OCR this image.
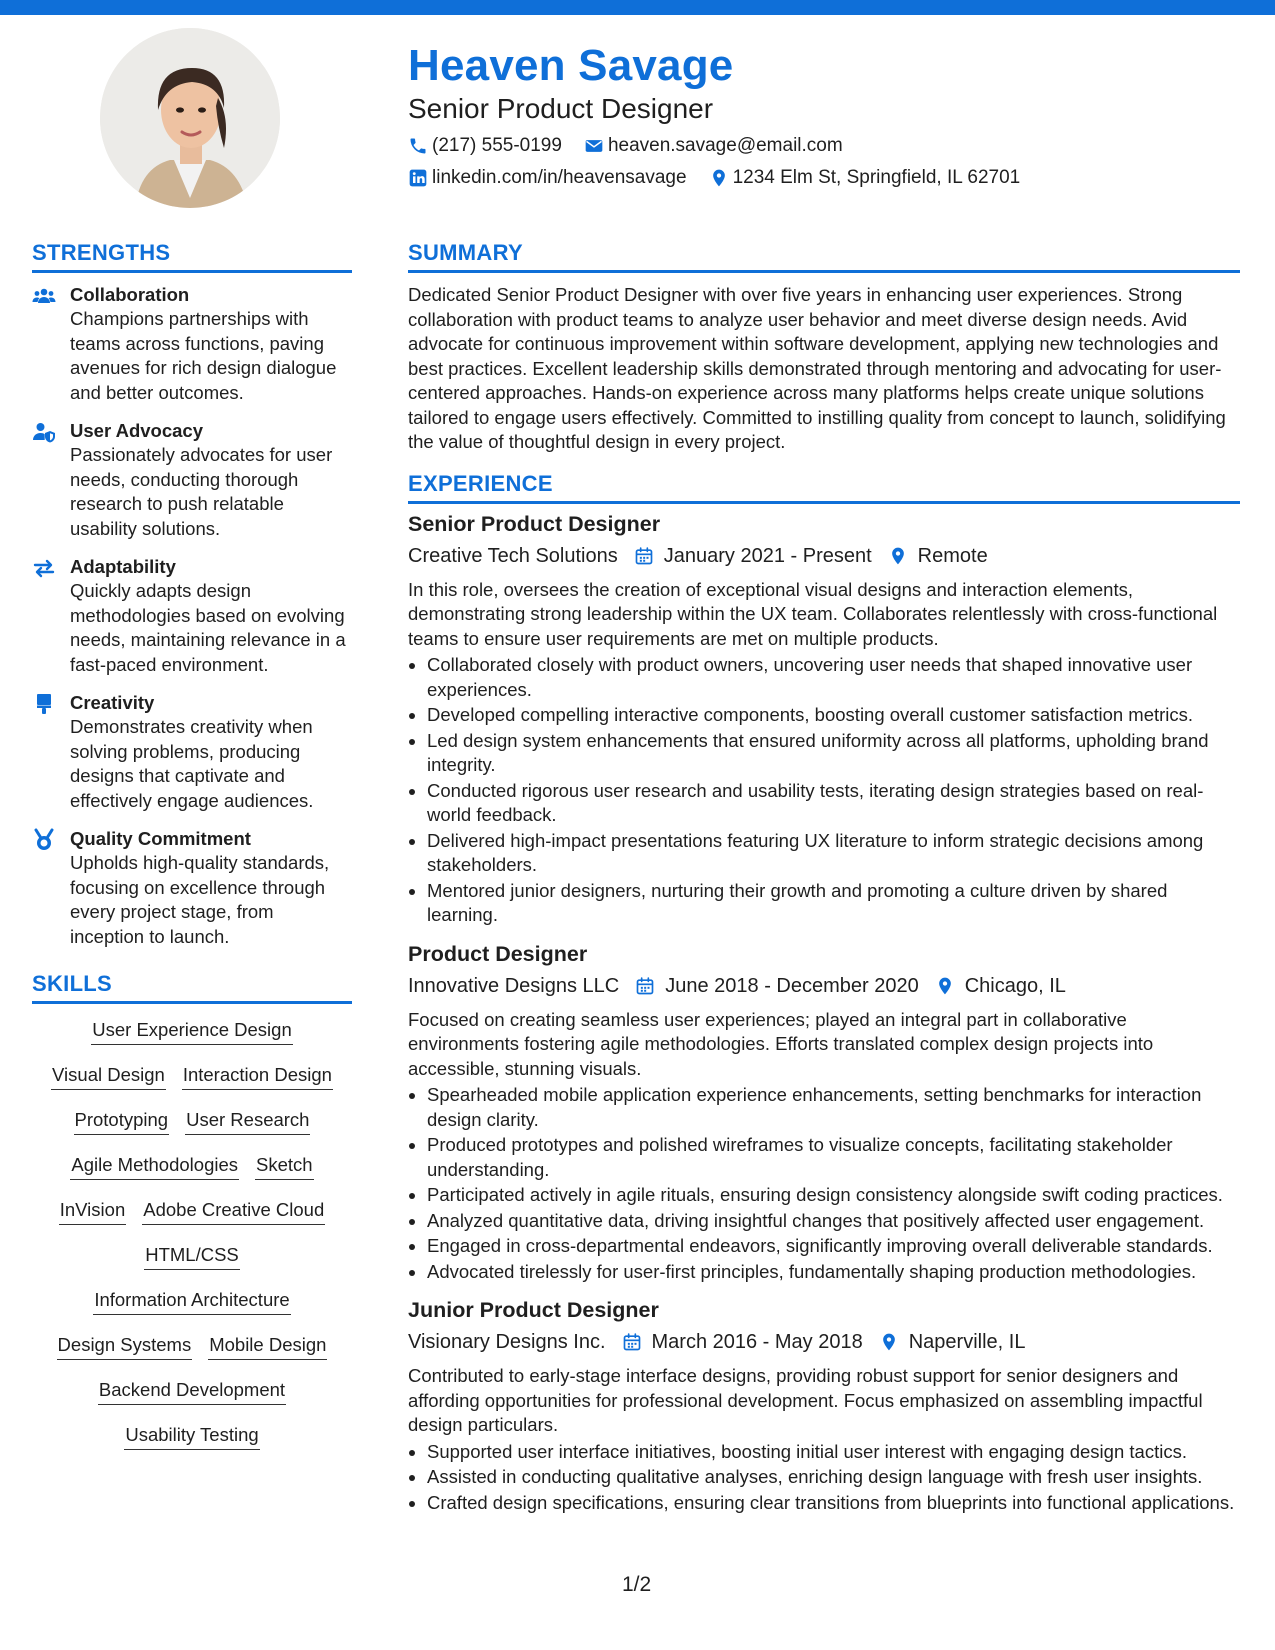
Heaven Savage
Senior Product Designer
(217) 555-0199 heaven.savage@email.com
linkedin.com/in/heavensavage 1234 Elm St, Springfield, IL 62701
STRENGTHS
Collaboration
Champions partnerships with teams across functions, paving avenues for rich design dialogue and better outcomes.
User Advocacy
Passionately advocates for user needs, conducting thorough research to push relatable usability solutions.
Adaptability
Quickly adapts design methodologies based on evolving needs, maintaining relevance in a fast-paced environment.
Creativity
Demonstrates creativity when solving problems, producing designs that captivate and effectively engage audiences.
Quality Commitment
Upholds high-quality standards, focusing on excellence through every project stage, from inception to launch.
SKILLS
User Experience Design
Visual Design Interaction Design
Prototyping User Research
Agile Methodologies Sketch
InVision Adobe Creative Cloud
HTML/CSS
Information Architecture
Design Systems Mobile Design
Backend Development
Usability Testing
SUMMARY

Dedicated Senior Product Designer with over five years in enhancing user experiences. Strong collaboration with product teams to analyze user behavior and meet diverse design needs. Avid advocate for continuous improvement within software development, applying new technologies and best practices. Excellent leadership skills demonstrated through mentoring and advocating for user-centered approaches. Hands-on experience across many platforms helps create unique solutions tailored to engage users effectively. Committed to instilling quality from concept to launch, solidifying the value of thoughtful design in every project.

EXPERIENCE
Senior Product Designer
Creative Tech Solutions January 2021 - Present Remote

In this role, oversees the creation of exceptional visual designs and interaction elements, demonstrating strong leadership within the UX team. Collaborates relentlessly with cross-functional teams to ensure user requirements are met on multiple products.

• Collaborated closely with product owners, uncovering user needs that shaped innovative user experiences.
• Developed compelling interactive components, boosting overall customer satisfaction metrics.
• Led design system enhancements that ensured uniformity across all platforms, upholding brand integrity.
• Conducted rigorous user research and usability tests, iterating design strategies based on real-world feedback.
• Delivered high-impact presentations featuring UX literature to inform strategic decisions among stakeholders.
• Mentored junior designers, nurturing their growth and promoting a culture driven by shared learning.
Product Designer
Innovative Designs LLC June 2018 - December 2020 Chicago, IL

Focused on creating seamless user experiences; played an integral part in collaborative environments fostering agile methodologies. Efforts translated complex design projects into accessible, stunning visuals.

• Spearheaded mobile application experience enhancements, setting benchmarks for interaction design clarity.
• Produced prototypes and polished wireframes to visualize concepts, facilitating stakeholder understanding.
• Participated actively in agile rituals, ensuring design consistency alongside swift coding practices.
• Analyzed quantitative data, driving insightful changes that positively affected user engagement.
• Engaged in cross-departmental endeavors, significantly improving overall deliverable standards.
• Advocated tirelessly for user-first principles, fundamentally shaping production methodologies.
Junior Product Designer
Visionary Designs Inc. March 2016 - May 2018 Naperville, IL

Contributed to early-stage interface designs, providing robust support for senior designers and affording opportunities for professional development. Focus emphasized on assembling impactful design particulars.

• Supported user interface initiatives, boosting initial user interest with engaging design tactics.
• Assisted in conducting qualitative analyses, enriching design language with fresh user insights.
• Crafted design specifications, ensuring clear transitions from blueprints into functional applications.
1/2
